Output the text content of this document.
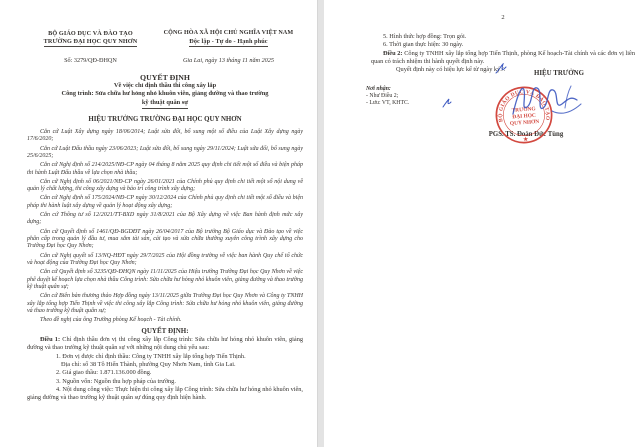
BỘ GIÁO DỤC VÀ ĐÀO TẠO
TRƯỜNG ĐẠI HỌC QUY NHƠN
Số: 3279/QĐ-ĐHQN
CỘNG HÒA XÃ HỘI CHỦ NGHĨA VIỆT NAM
Độc lập - Tự do - Hạnh phúc
Gia Lai, ngày 13 tháng 11 năm 2025
QUYẾT ĐỊNH
Về việc chỉ định thầu thi công xây lắp
Công trình: Sửa chữa hư hỏng nhỏ khuôn viên, giảng đường và thao trường
kỹ thuật quân sự
HIỆU TRƯỞNG TRƯỜNG ĐẠI HỌC QUY NHƠN

Căn cứ Luật Xây dựng ngày 18/06/2014; Luật sửa đổi, bổ sung một số điều của Luật Xây dựng ngày 17/6/2020;

Căn cứ Luật Đấu thầu ngày 23/06/2023; Luật sửa đổi, bổ sung ngày 29/11/2024; Luật sửa đổi, bổ sung ngày 25/6/2025;

Căn cứ Nghị định số 214/2025/NĐ-CP ngày 04 tháng 8 năm 2025 quy định chi tiết một số điều và biện pháp thi hành Luật Đấu thầu về lựa chọn nhà thầu;

Căn cứ Nghị định số 06/2021/NĐ-CP ngày 26/01/2021 của Chính phủ quy định chi tiết một số nội dung về quản lý chất lượng, thi công xây dựng và bảo trì công trình xây dựng;

Căn cứ Nghị định số 175/2024/NĐ-CP ngày 30/12/2024 của Chính phủ quy định chi tiết một số điều và biện pháp thi hành luật xây dựng về quản lý hoạt động xây dựng;

Căn cứ Thông tư số 12/2021/TT-BXD ngày 31/8/2021 của Bộ Xây dựng về việc Ban hành định mức xây dựng;

Căn cứ Quyết định số 1461/QĐ-BGDĐT ngày 26/04/2017 của Bộ trưởng Bộ Giáo dục và Đào tạo về việc phân cấp trong quản lý đầu tư, mua sắm tài sản, cải tạo và sửa chữa thường xuyên công trình xây dựng cho Trường Đại học Quy Nhơn;

Căn cứ Nghị quyết số 13/NQ-HĐT ngày 29/7/2025 của Hội đồng trường về việc ban hành Quy chế tổ chức và hoạt động của Trường Đại học Quy Nhơn;

Căn cứ Quyết định số 3235/QĐ-ĐHQN ngày 11/11/2025 của Hiệu trưởng Trường Đại học Quy Nhơn về việc phê duyệt kế hoạch lựa chọn nhà thầu Công trình: Sửa chữa hư hỏng nhỏ khuôn viên, giảng đường và thao trường kỹ thuật quân sự;

Căn cứ Biên bản thương thảo Hợp đồng ngày 13/11/2025 giữa Trường Đại học Quy Nhơn và Công ty TNHH xây lắp tổng hợp Tiến Thịnh về việc thi công xây lắp Công trình: Sửa chữa hư hỏng nhỏ khuôn viên, giảng đường và thao trường kỹ thuật quân sự;

Theo đề nghị của ông Trưởng phòng Kế hoạch - Tài chính.

QUYẾT ĐỊNH:

Điều 1: Chỉ định thầu đơn vị thi công xây lắp Công trình: Sửa chữa hư hỏng nhỏ khuôn viên, giảng đường và thao trường kỹ thuật quân sự với những nội dung chủ yếu sau:

1. Đơn vị được chỉ định thầu: Công ty TNHH xây lắp tổng hợp Tiến Thịnh.

Địa chỉ: số 38 Tô Hiến Thành, phường Quy Nhơn Nam, tỉnh Gia Lai.

2. Giá giao thầu: 1.871.136.000 đồng.

3. Nguồn vốn: Nguồn thu hợp pháp của trường.

4. Nội dung công việc: Thực hiện thi công xây lắp Công trình: Sửa chữa hư hỏng nhỏ khuôn viên, giảng đường và thao trường kỹ thuật quân sự đúng quy định hiện hành.

2

5. Hình thức hợp đồng: Trọn gói.

6. Thời gian thực hiện: 30 ngày.

Điều 2: Công ty TNHH xây lắp tổng hợp Tiến Thịnh, phòng Kế hoạch-Tài chính và các đơn vị liên quan có trách nhiệm thi hành quyết định này.

Quyết định này có hiệu lực kể từ ngày ký./.

Nơi nhận:
- Như Điều 2;
- Lưu: VT, KHTC.
HIỆU TRƯỞNG
PGS. TS. Đoàn Đức Tùng
BỘ GIÁO DỤC VÀ ĐÀO TẠO
TRƯỜNG
ĐẠI HỌC
QUY NHƠN
★
